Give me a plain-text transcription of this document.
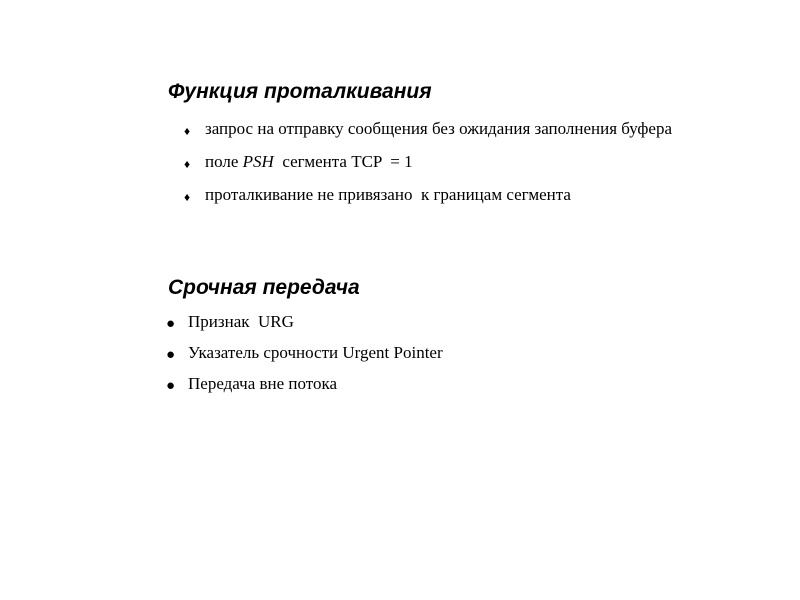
Функция проталкивания
♦ запрос на отправку сообщения без ожидания заполнения буфера
♦ поле PSH  сегмента TCP  = 1
♦ проталкивание не привязано  к границам сегмента
Срочная передача
● Признак  URG
● Указатель срочности Urgent Pointer
● Передача вне потока
